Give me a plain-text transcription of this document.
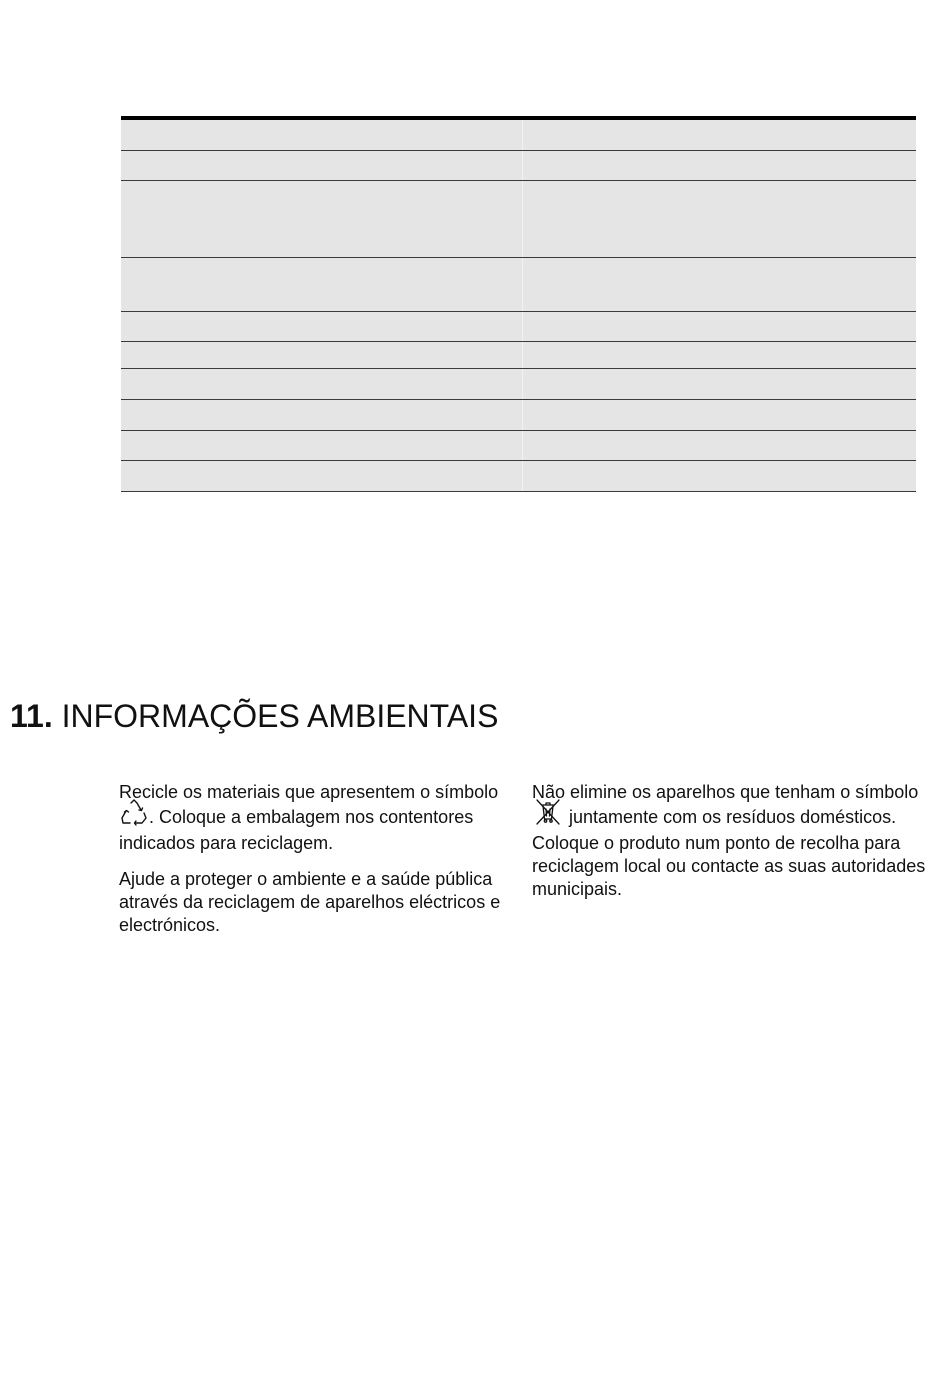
11. INFORMAÇÕES AMBIENTAIS

Recicle os materiais que apresentem o símbolo. Coloque a embalagem nos contentores indicados para reciclagem.

Ajude a proteger o ambiente e a saúde pública através da reciclagem de aparelhos eléctricos e electrónicos.

Não elimine os aparelhos que tenham o símbolo  juntamente com os resíduos domésticos. Coloque o produto num ponto de recolha para reciclagem local ou contacte as suas autoridades municipais.
